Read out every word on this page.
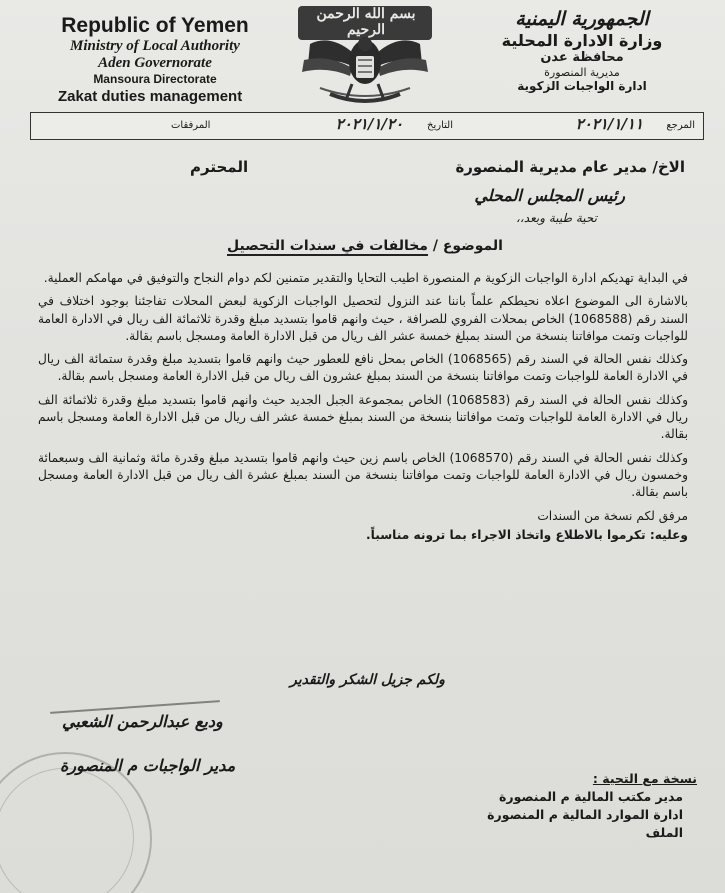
Republic of Yemen
Ministry of Local Authority
Aden Governorate
Mansoura Directorate
Zakat duties management
بسم الله الرحمن الرحيم	الجمهورية اليمنية
وزارة الادارة المحلية
محافظة عدن
مديرية المنصورة
ادارة الواجبات الزكوية
المرجع
٢٠٢١/١/١١
التاريخ
٢٠٢١/١/٢٠
المرفقات
الاخ/ مدير عام مديرية المنصورة
المحترم
رئيس المجلس المحلي
تحية طيبة وبعد،،
الموضوع / مخالفات في سندات التحصيل

في البداية تهديكم ادارة الواجبات الزكوية م المنصورة اطيب التحايا والتقدير متمنين لكم دوام النجاح والتوفيق في مهامكم العملية.

بالاشارة الى الموضوع اعلاه نحيطكم علماً باننا عند النزول لتحصيل الواجبات الزكوية لبعض المحلات تفاجئنا بوجود اختلاف في السند رقم (1068588) الخاص بمحلات الفروي للصرافة ، حيث وانهم قاموا بتسديد مبلغ وقدرة ثلاثمائة الف ريال في الادارة العامة للواجبات وتمت موافاتنا بنسخة من السند بمبلغ خمسة عشر الف ريال من قبل الادارة العامة ومسجل باسم بقالة.

وكذلك نفس الحالة في السند رقم (1068565) الخاص بمحل نافع للعطور حيث وانهم قاموا بتسديد مبلغ وقدرة ستمائة الف ريال في الادارة العامة للواجبات وتمت موافاتنا بنسخة من السند بمبلغ عشرون الف ريال من قبل الادارة العامة ومسجل باسم بقالة.

وكذلك نفس الحالة في السند رقم (1068583) الخاص بمجموعة الجبل الجديد حيث وانهم قاموا بتسديد مبلغ وقدرة ثلاثمائة الف ريال في الادارة العامة للواجبات وتمت موافاتنا بنسخة من السند بمبلغ خمسة عشر الف ريال من قبل الادارة العامة ومسجل باسم بقالة.

وكذلك نفس الحالة في السند رقم (1068570) الخاص باسم زين حيث وانهم قاموا بتسديد مبلغ وقدرة مائة وثمانية الف وسبعمائة وخمسون ريال في الادارة العامة للواجبات وتمت موافاتنا بنسخة من السند بمبلغ عشرة الف ريال من قبل الادارة العامة ومسجل باسم بقالة.

مرفق لكم نسخة من السندات

وعليه: تكرموا بالاطلاع واتخاذ الاجراء بما ترونه مناسباً.

ولكم جزيل الشكر والتقدير
وديع عبدالرحمن الشعبي
مدير الواجبات م المنصورة
نسخة مع التحية :
مدير مكتب المالية م المنصورة
ادارة الموارد المالية م المنصورة
الملف
